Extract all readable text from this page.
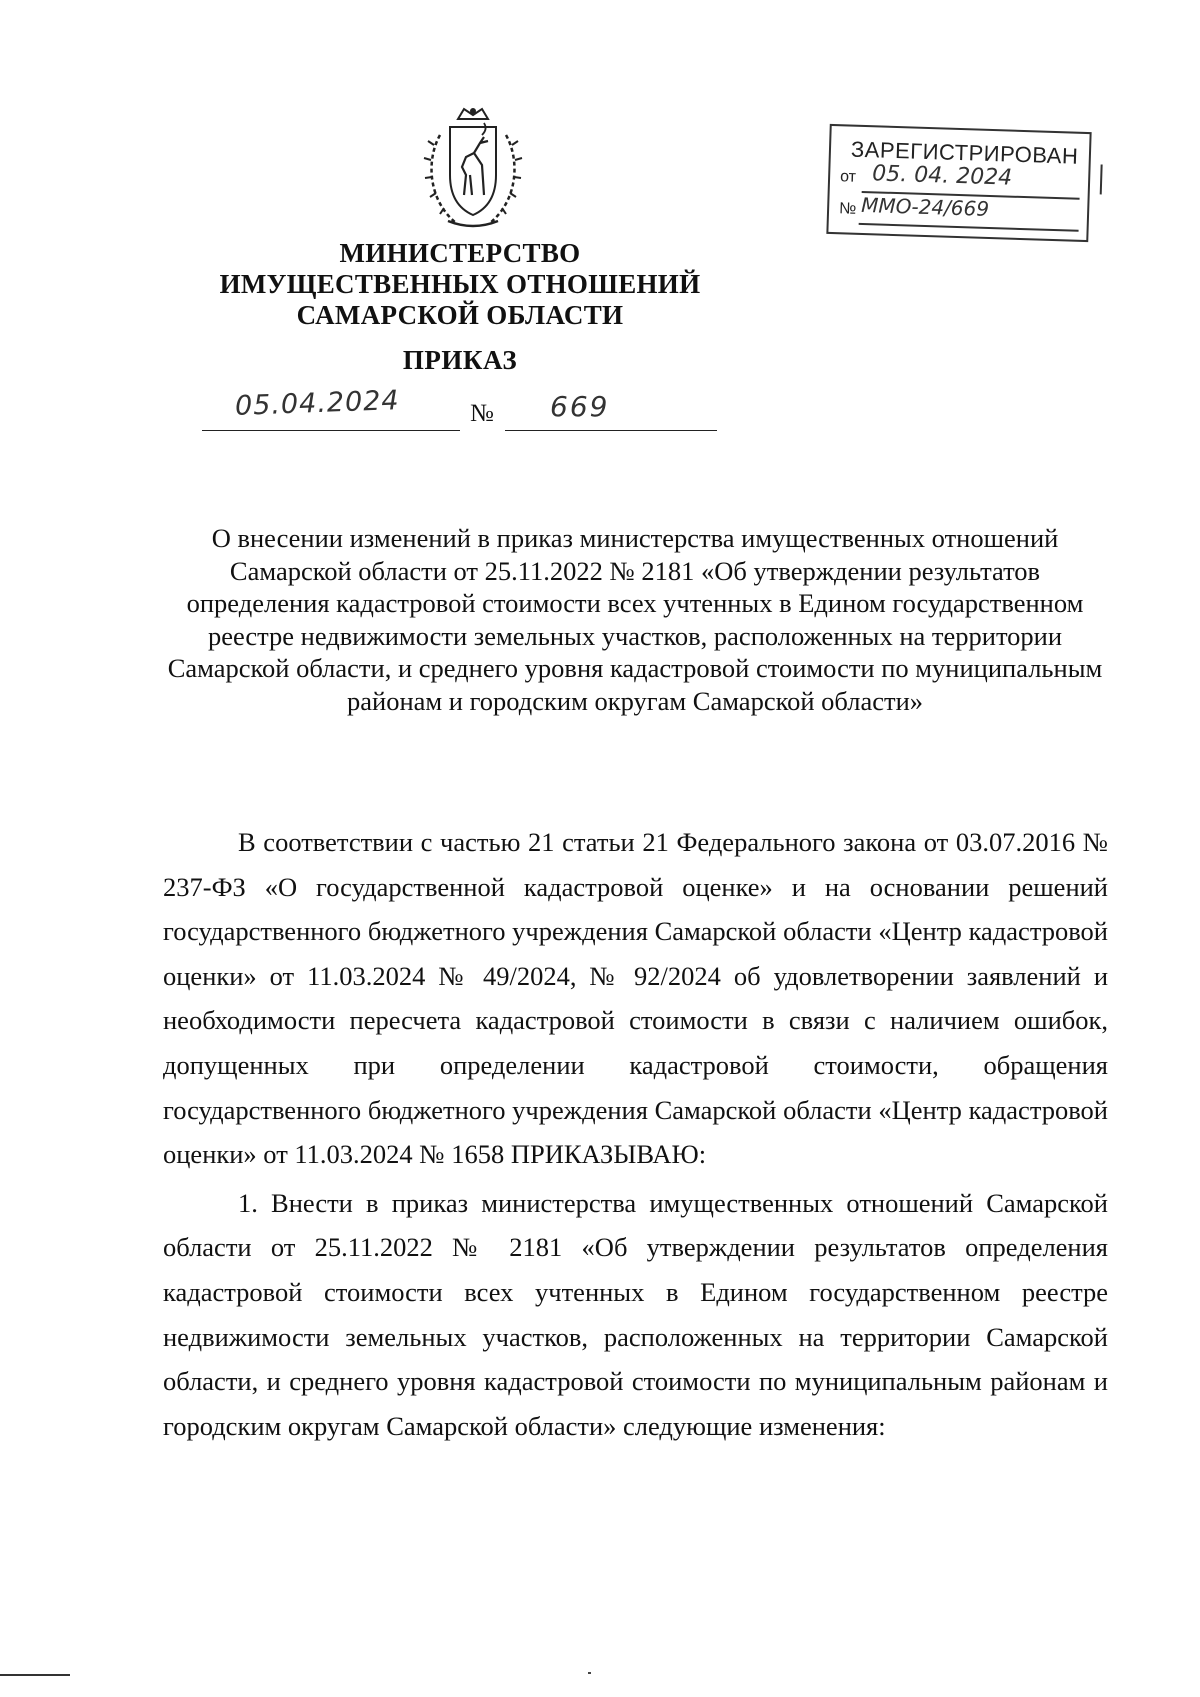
МИНИСТЕРСТВО
ИМУЩЕСТВЕННЫХ ОТНОШЕНИЙ
САМАРСКОЙ ОБЛАСТИ
ПРИКАЗ
05.04.2024	№ 669
ЗАРЕГИСТРИРОВАН
от 05. 04. 2024
№ ММО-24/669
О внесении изменений в приказ министерства имущественных отношений Самарской области от 25.11.2022 № 2181 «Об утверждении результатов определения кадастровой стоимости всех учтенных в Едином государственном реестре недвижимости земельных участков, расположенных на территории Самарской области, и среднего уровня кадастровой стоимости по муниципальным районам и городским округам Самарской области»

В соответствии с частью 21 статьи 21 Федерального закона от 03.07.2016 № 237-ФЗ «О государственной кадастровой оценке» и на основании решений государственного бюджетного учреждения Самарской области «Центр кадастровой оценки» от 11.03.2024 № 49/2024, № 92/2024 об удовлетворении заявлений и необходимости пересчета кадастровой стоимости в связи с наличием ошибок, допущенных при определении кадастровой стоимости, обращения государственного бюджетного учреждения Самарской области «Центр кадастровой оценки» от 11.03.2024 № 1658 ПРИКАЗЫВАЮ:

1. Внести в приказ министерства имущественных отношений Самарской области от 25.11.2022 № 2181 «Об утверждении результатов определения кадастровой стоимости всех учтенных в Едином государственном реестре недвижимости земельных участков, расположенных на территории Самарской области, и среднего уровня кадастровой стоимости по муниципальным районам и городским округам Самарской области» следующие изменения:
